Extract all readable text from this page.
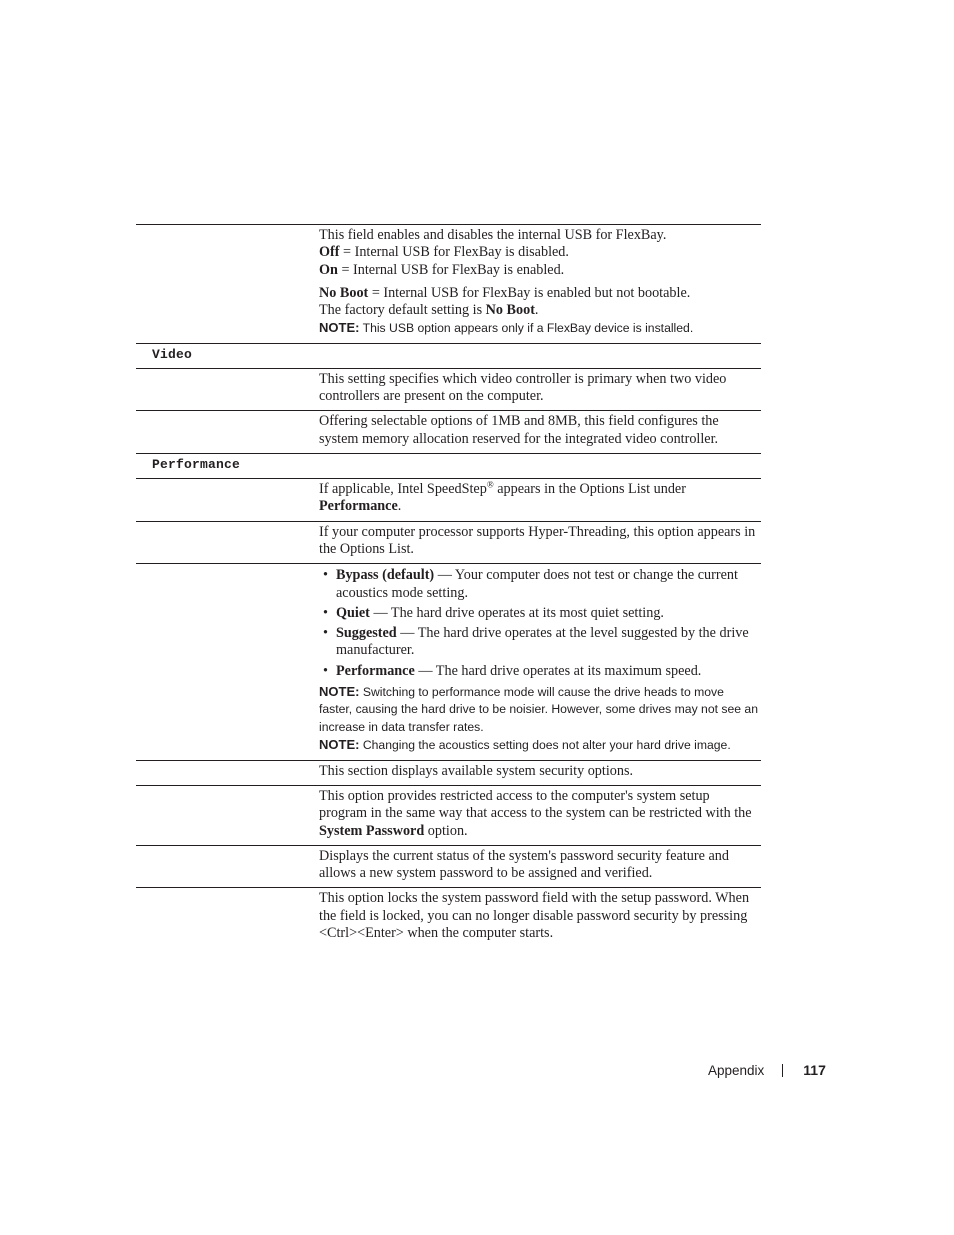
This field enables and disables the internal USB for FlexBay.

Off = Internal USB for FlexBay is disabled.

On = Internal USB for FlexBay is enabled.

No Boot = Internal USB for FlexBay is enabled but not bootable.

The factory default setting is No Boot.

NOTE: This USB option appears only if a FlexBay device is installed.

Video

This setting specifies which video controller is primary when two video controllers are present on the computer.

Offering selectable options of 1MB and 8MB, this field configures the system memory allocation reserved for the integrated video controller.

Performance

If applicable, Intel SpeedStep® appears in the Options List under Performance.

If your computer processor supports Hyper-Threading, this option appears in the Options List.

• Bypass (default) — Your computer does not test or change the current acoustics mode setting.
• Quiet — The hard drive operates at its most quiet setting.
• Suggested — The hard drive operates at the level suggested by the drive manufacturer.
• Performance — The hard drive operates at its maximum speed.

NOTE: Switching to performance mode will cause the drive heads to move faster, causing the hard drive to be noisier. However, some drives may not see an increase in data transfer rates.

NOTE: Changing the acoustics setting does not alter your hard drive image.

This section displays available system security options.

This option provides restricted access to the computer's system setup program in the same way that access to the system can be restricted with the System Password option.

Displays the current status of the system's password security feature and allows a new system password to be assigned and verified.

This option locks the system password field with the setup password. When the field is locked, you can no longer disable password security by pressing <Ctrl><Enter> when the computer starts.

Appendix	117
